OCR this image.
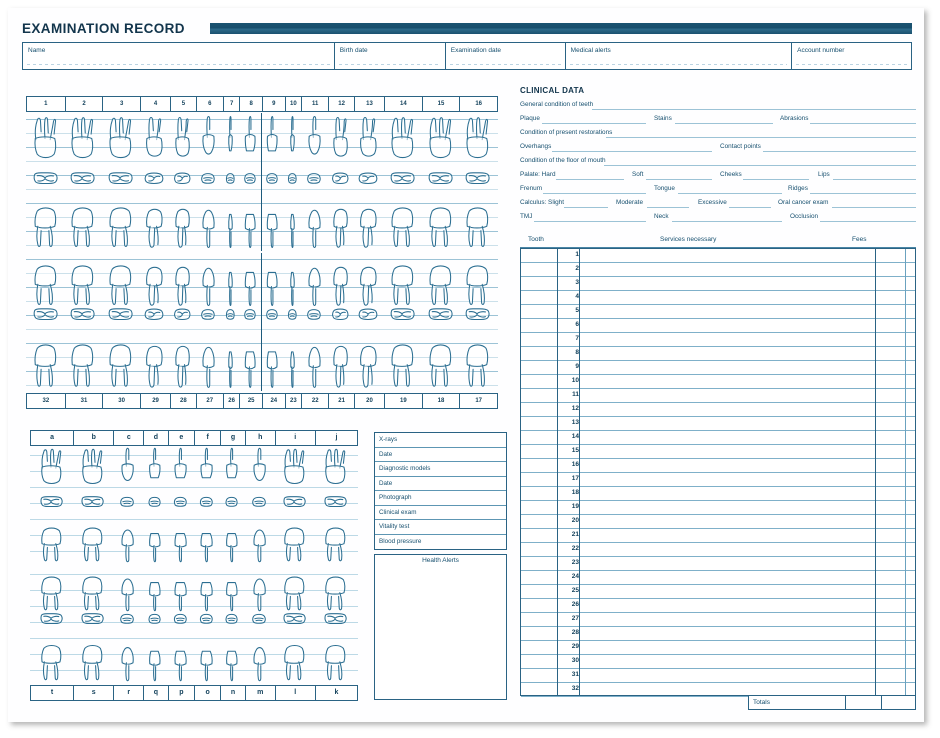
EXAMINATION RECORD
Name	Birth date	Examination date	Medical alerts	Account number
1	2	3	4	5	6	7	8	9	10	11	12	13	14	15	16
32	31	30	29	28	27	26	25	24	23	22	21	20	19	18	17
a	b	c	d	e	f	g	h	i	j
t	s	r	q	p	o	n	m	l	k
X-rays
Date
Diagnostic models
Date
Photograph
Clinical exam
Vitality test
Blood pressure
Health Alerts
CLINICAL DATA
General condition of teeth
Plaque	Stains	Abrasions
Condition of present restorations
Overhangs	Contact points
Condition of the floor of mouth
Palate: Hard	Soft	Cheeks	Lips
Frenum	Tongue	Ridges
Calculus: Slight	Moderate	Excessive	Oral cancer exam
TMJ	Neck	Occlusion
Tooth	Services necessary	Fees
1
2
3
4
5
6
7
8
9
10
11
12
13
14
15
16
17
18
19
20
21
22
23
24
25
26
27
28
29
30
31
32
Totals
